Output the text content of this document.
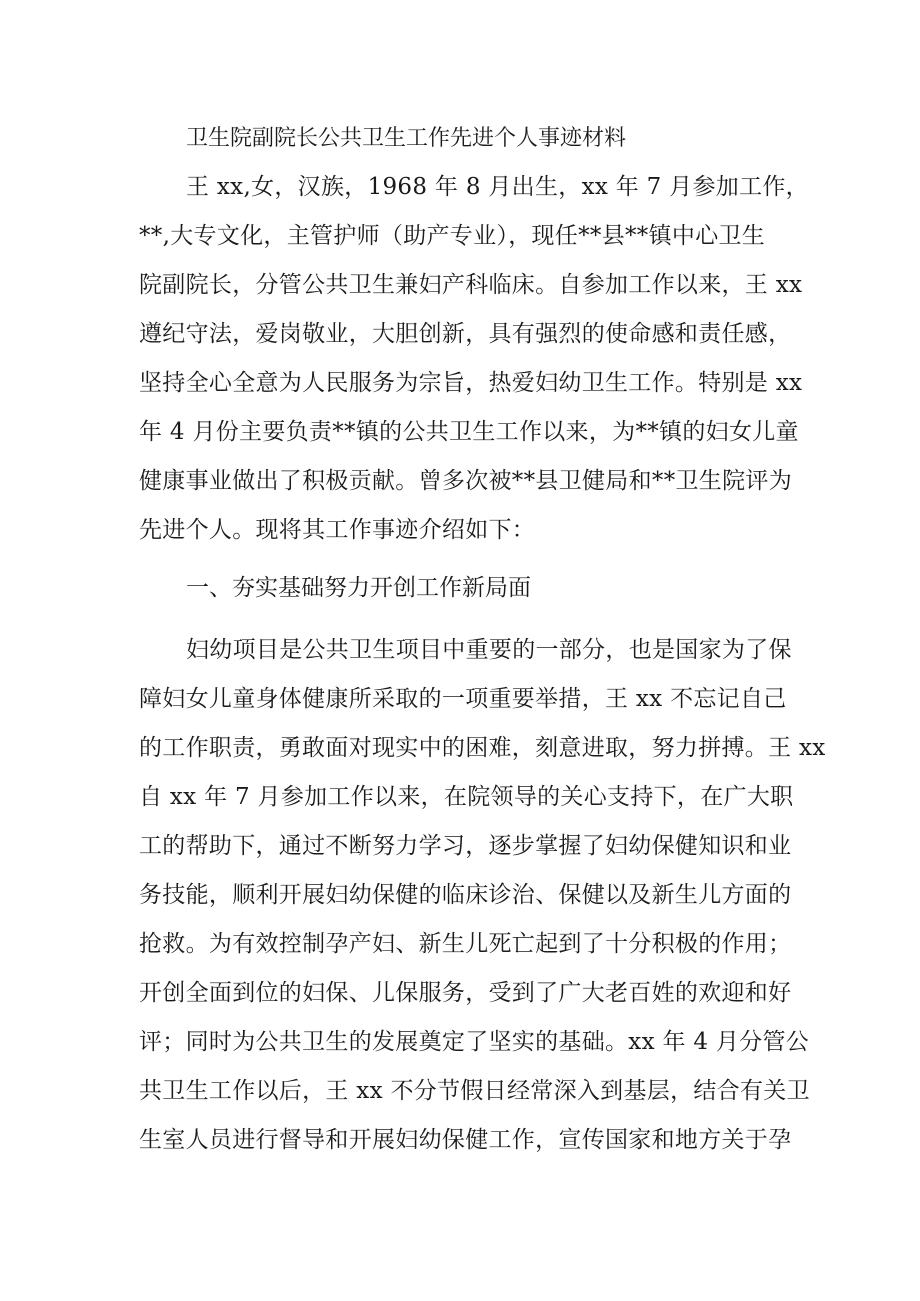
卫生院副院长公共卫生工作先进个人事迹材料
王 xx,女，汉族，1968 年 8 月出生，xx 年 7 月参加工作，
**,大专文化，主管护师（助产专业），现任**县**镇中心卫生
院副院长，分管公共卫生兼妇产科临床。自参加工作以来，王 xx
遵纪守法，爱岗敬业，大胆创新，具有强烈的使命感和责任感，
坚持全心全意为人民服务为宗旨，热爱妇幼卫生工作。特别是 xx
年 4 月份主要负责**镇的公共卫生工作以来，为**镇的妇女儿童
健康事业做出了积极贡献。曾多次被**县卫健局和**卫生院评为
先进个人。现将其工作事迹介绍如下：
一、夯实基础努力开创工作新局面
妇幼项目是公共卫生项目中重要的一部分，也是国家为了保
障妇女儿童身体健康所采取的一项重要举措，王 xx 不忘记自己
的工作职责，勇敢面对现实中的困难，刻意进取，努力拼搏。王 xx
自 xx 年 7 月参加工作以来，在院领导的关心支持下，在广大职
工的帮助下，通过不断努力学习，逐步掌握了妇幼保健知识和业
务技能，顺利开展妇幼保健的临床诊治、保健以及新生儿方面的
抢救。为有效控制孕产妇、新生儿死亡起到了十分积极的作用；
开创全面到位的妇保、儿保服务，受到了广大老百姓的欢迎和好
评；同时为公共卫生的发展奠定了坚实的基础。xx 年 4 月分管公
共卫生工作以后，王 xx 不分节假日经常深入到基层，结合有关卫
生室人员进行督导和开展妇幼保健工作，宣传国家和地方关于孕
